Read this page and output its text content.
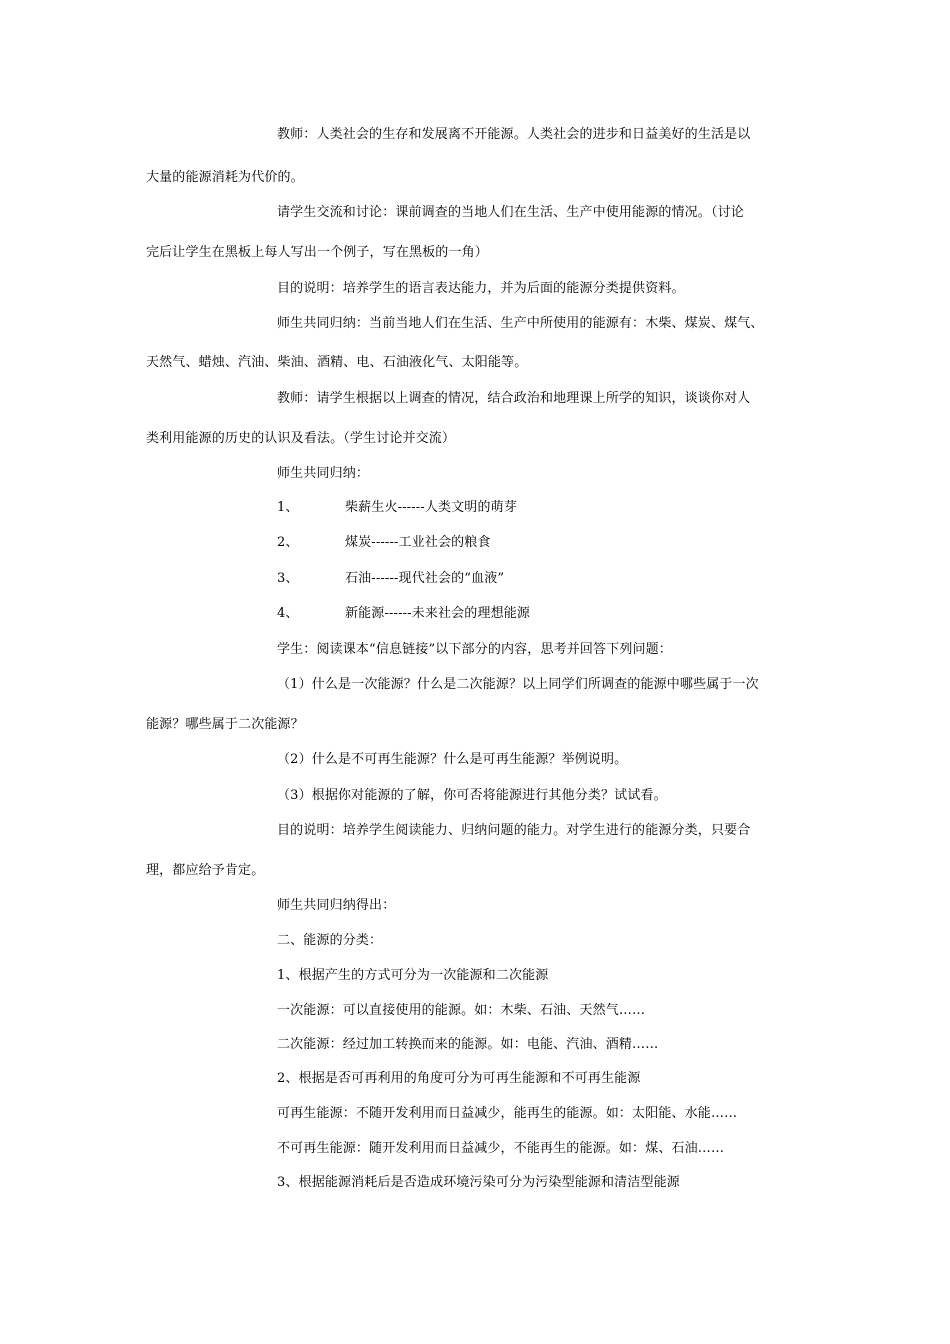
教师：人类社会的生存和发展离不开能源。人类社会的进步和日益美好的生活是以
大量的能源消耗为代价的。
请学生交流和讨论：课前调查的当地人们在生活、生产中使用能源的情况。（讨论
完后让学生在黑板上每人写出一个例子，写在黑板的一角）
目的说明：培养学生的语言表达能力，并为后面的能源分类提供资料。
师生共同归纳：当前当地人们在生活、生产中所使用的能源有：木柴、煤炭、煤气、
天然气、蜡烛、汽油、柴油、酒精、电、石油液化气、太阳能等。
教师：请学生根据以上调查的情况，结合政治和地理课上所学的知识，谈谈你对人
类利用能源的历史的认识及看法。（学生讨论并交流）
师生共同归纳：
1、	柴薪生火------人类文明的萌芽
2、	煤炭------工业社会的粮食
3、	石油------现代社会的“血液”
4、	新能源------未来社会的理想能源
学生：阅读课本“信息链接”以下部分的内容，思考并回答下列问题：
（1）什么是一次能源？什么是二次能源？以上同学们所调查的能源中哪些属于一次
能源？哪些属于二次能源？
（2）什么是不可再生能源？什么是可再生能源？举例说明。
（3）根据你对能源的了解，你可否将能源进行其他分类？试试看。
目的说明：培养学生阅读能力、归纳问题的能力。对学生进行的能源分类，只要合
理，都应给予肯定。
师生共同归纳得出：
二、能源的分类：
1、根据产生的方式可分为一次能源和二次能源
一次能源：可以直接使用的能源。如：木柴、石油、天然气……
二次能源：经过加工转换而来的能源。如：电能、汽油、酒精……
2、根据是否可再利用的角度可分为可再生能源和不可再生能源
可再生能源：不随开发利用而日益减少，能再生的能源。如：太阳能、水能……
不可再生能源：随开发利用而日益减少，不能再生的能源。如：煤、石油……
3、根据能源消耗后是否造成环境污染可分为污染型能源和清洁型能源
